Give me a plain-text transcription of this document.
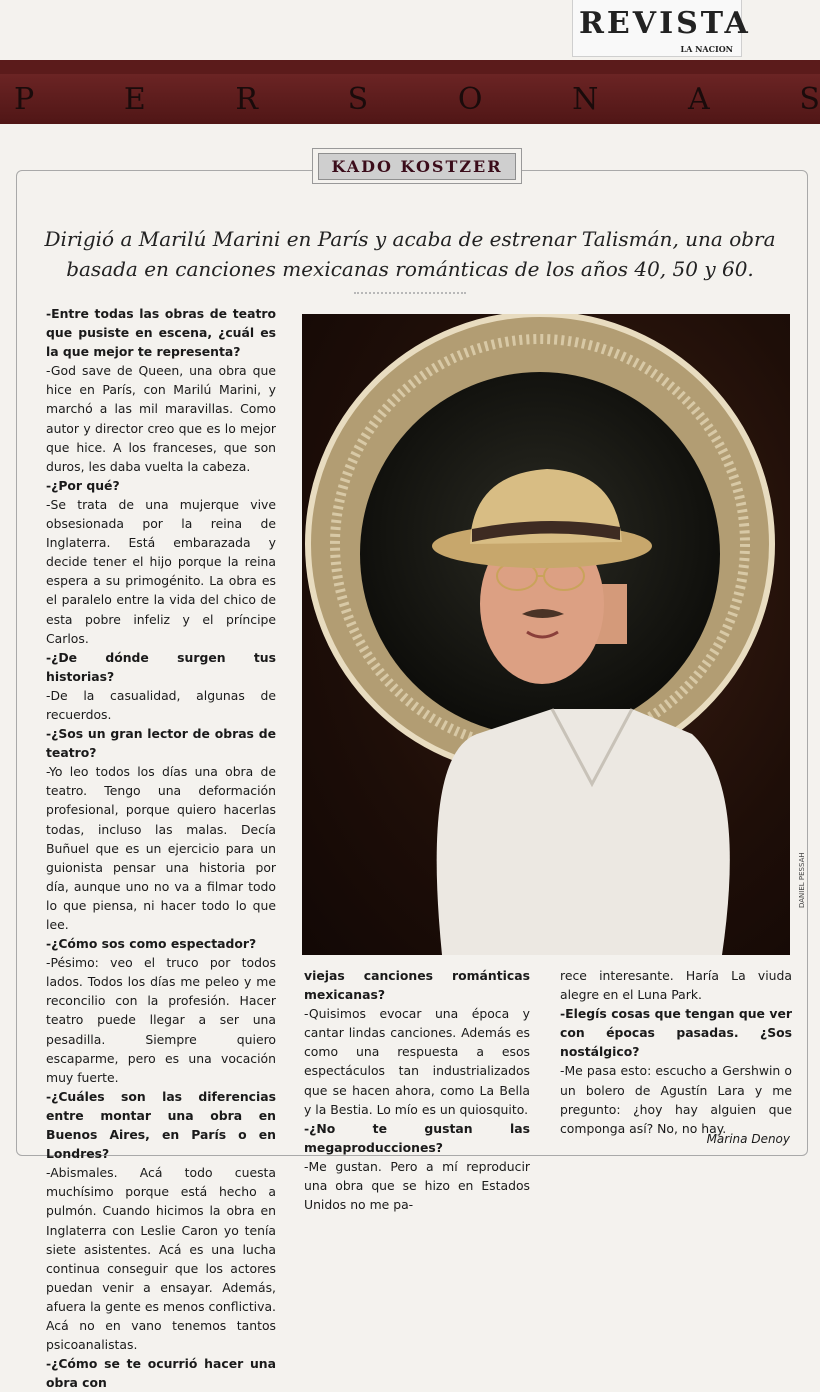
REVISTA
LA NACION
P	E	R	S	O	N	A	S
KADO KOSTZER
Dirigió a Marilú Marini en París y acaba de estrenar Talismán, una obra basada en canciones mexicanas románticas de los años 40, 50 y 60.

-Entre todas las obras de teatro que pusiste en escena, ¿cuál es la que mejor te representa?

-God save de Queen, una obra que hice en París, con Marilú Marini, y marchó a las mil maravillas. Como autor y director creo que es lo mejor que hice. A los franceses, que son duros, les daba vuelta la cabeza.

-¿Por qué?

-Se trata de una mujerque vive obsesionada por la reina de Inglaterra. Está embarazada y decide tener el hijo porque la reina espera a su primogénito. La obra es el paralelo entre la vida del chico de esta pobre infeliz y el príncipe Carlos.

-¿De dónde surgen tus historias?

-De la casualidad, algunas de recuerdos.

-¿Sos un gran lector de obras de teatro?

-Yo leo todos los días una obra de teatro. Tengo una deformación profesional, porque quiero hacerlas todas, incluso las malas. Decía Buñuel que es un ejercicio para un guionista pensar una historia por día, aunque uno no va a filmar todo lo que piensa, ni hacer todo lo que lee.

-¿Cómo sos como espectador?

-Pésimo: veo el truco por todos lados. Todos los días me peleo y me reconcilio con la profesión. Hacer teatro puede llegar a ser una pesadilla. Siempre quiero escaparme, pero es una vocación muy fuerte.

-¿Cuáles son las diferencias entre montar una obra en Buenos Aires, en París o en Londres?

-Abismales. Acá todo cuesta muchísimo porque está hecho a pulmón. Cuando hicimos la obra en Inglaterra con Leslie Caron yo tenía siete asistentes. Acá es una lucha continua conseguir que los actores puedan venir a ensayar. Además, afuera la gente es menos conflictiva. Acá no en vano tenemos tantos psicoanalistas.

-¿Cómo se te ocurrió hacer una obra con

DANIEL PESSAH

viejas canciones románticas mexicanas?

-Quisimos evocar una época y cantar lindas canciones. Además es como una respuesta a esos espectáculos tan industrializados que se hacen ahora, como La Bella y la Bestia. Lo mío es un quiosquito.

-¿No te gustan las megaproducciones?

-Me gustan. Pero a mí reproducir una obra que se hizo en Estados Unidos no me pa-

rece interesante. Haría La viuda alegre en el Luna Park.

-Elegís cosas que tengan que ver con épocas pasadas. ¿Sos nostálgico?

-Me pasa esto: escucho a Gershwin o un bolero de Agustín Lara y me pregunto: ¿hoy hay alguien que componga así? No, no hay.

Marina Denoy
